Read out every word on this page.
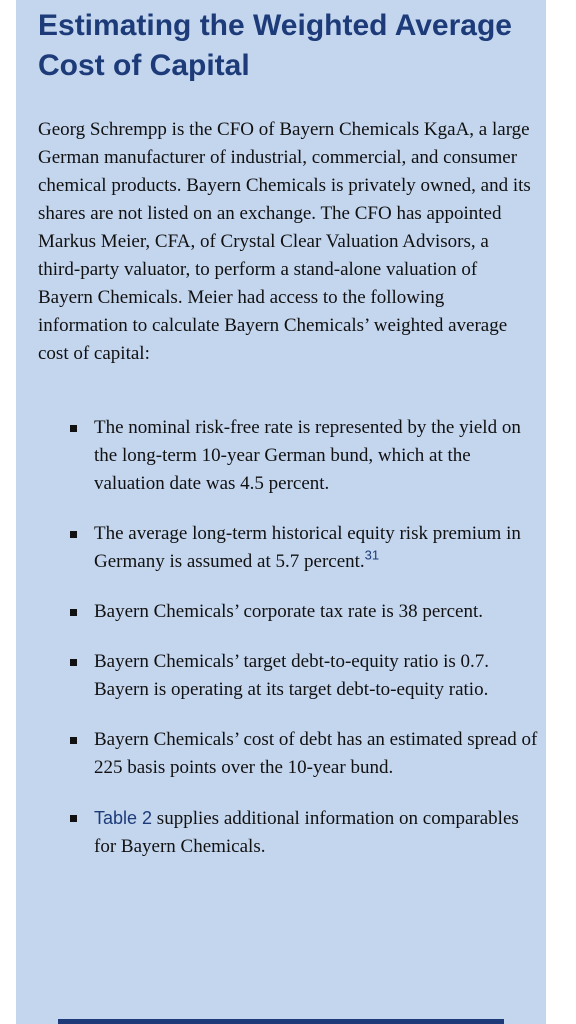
Estimating the Weighted Average Cost of Capital

Georg Schrempp is the CFO of Bayern Chemicals KgaA, a large German manufacturer of industrial, commercial, and consumer chemical products. Bayern Chemicals is privately owned, and its shares are not listed on an exchange. The CFO has appointed Markus Meier, CFA, of Crystal Clear Valuation Advisors, a third-party valuator, to perform a stand-alone valuation of Bayern Chemicals. Meier had access to the following information to calculate Bayern Chemicals’ weighted average cost of capital:

The nominal risk-free rate is represented by the yield on the long-term 10-year German bund, which at the valuation date was 4.5 percent.
The average long-term historical equity risk premium in Germany is assumed at 5.7 percent.$^{31}$
Bayern Chemicals’ corporate tax rate is 38 percent.
Bayern Chemicals’ target debt-to-equity ratio is 0.7. Bayern is operating at its target debt-to-equity ratio.
Bayern Chemicals’ cost of debt has an estimated spread of 225 basis points over the 10-year bund.
Table 2 supplies additional information on comparables for Bayern Chemicals.
